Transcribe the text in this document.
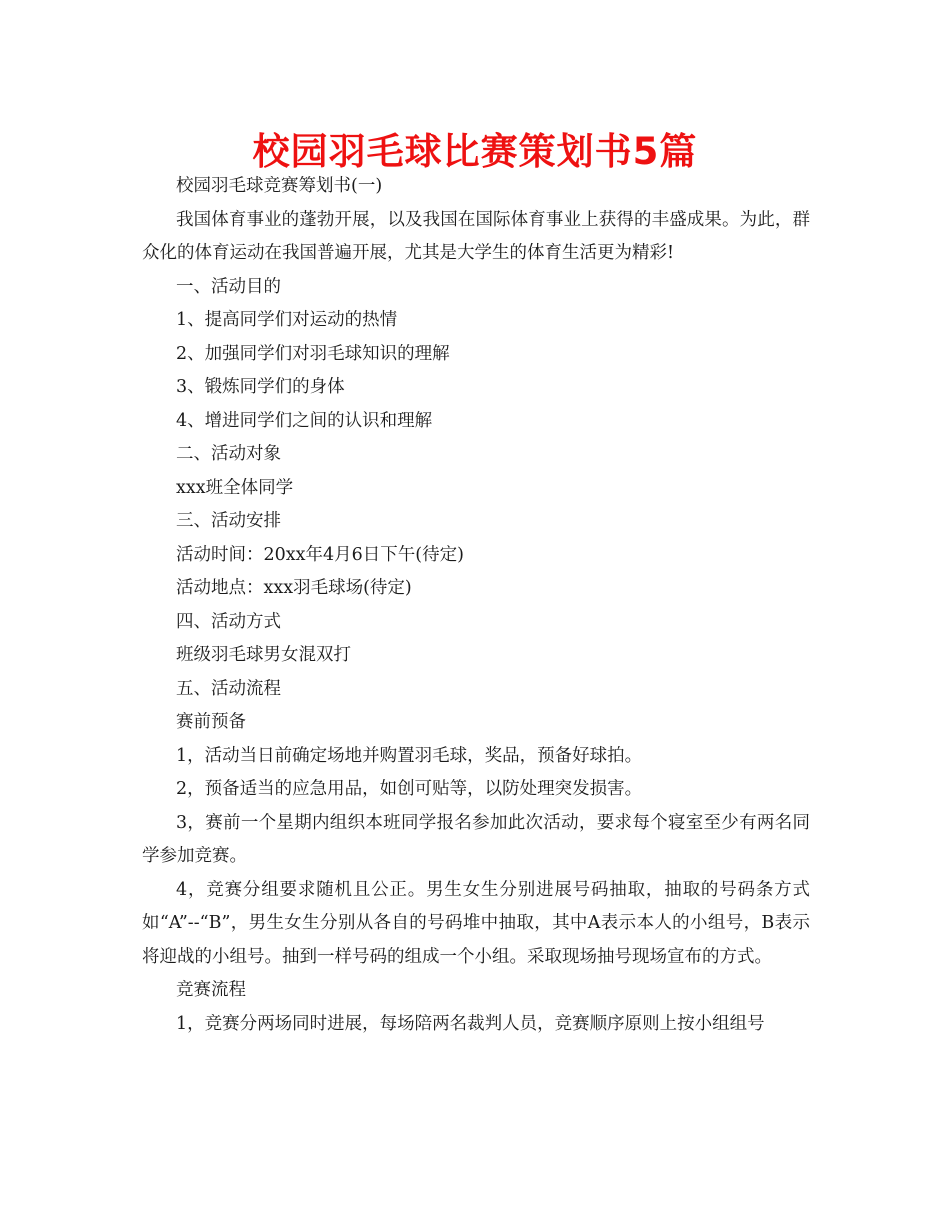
校园羽毛球比赛策划书5篇

校园羽毛球竞赛筹划书(一)

我国体育事业的蓬勃开展，以及我国在国际体育事业上获得的丰盛成果。为此，群众化的体育运动在我国普遍开展，尤其是大学生的体育生活更为精彩!

一、活动目的

1、提高同学们对运动的热情

2、加强同学们对羽毛球知识的理解

3、锻炼同学们的身体

4、增进同学们之间的认识和理解

二、活动对象

xxx班全体同学

三、活动安排

活动时间：20xx年4月6日下午(待定)

活动地点：xxx羽毛球场(待定)

四、活动方式

班级羽毛球男女混双打

五、活动流程

赛前预备

1，活动当日前确定场地并购置羽毛球，奖品，预备好球拍。

2，预备适当的应急用品，如创可贴等，以防处理突发损害。

3，赛前一个星期内组织本班同学报名参加此次活动，要求每个寝室至少有两名同学参加竞赛。

4，竞赛分组要求随机且公正。男生女生分别进展号码抽取，抽取的号码条方式如“A”--“B”，男生女生分别从各自的号码堆中抽取，其中A表示本人的小组号，B表示将迎战的小组号。抽到一样号码的组成一个小组。采取现场抽号现场宣布的方式。

竞赛流程

1，竞赛分两场同时进展，每场陪两名裁判人员，竞赛顺序原则上按小组组号
